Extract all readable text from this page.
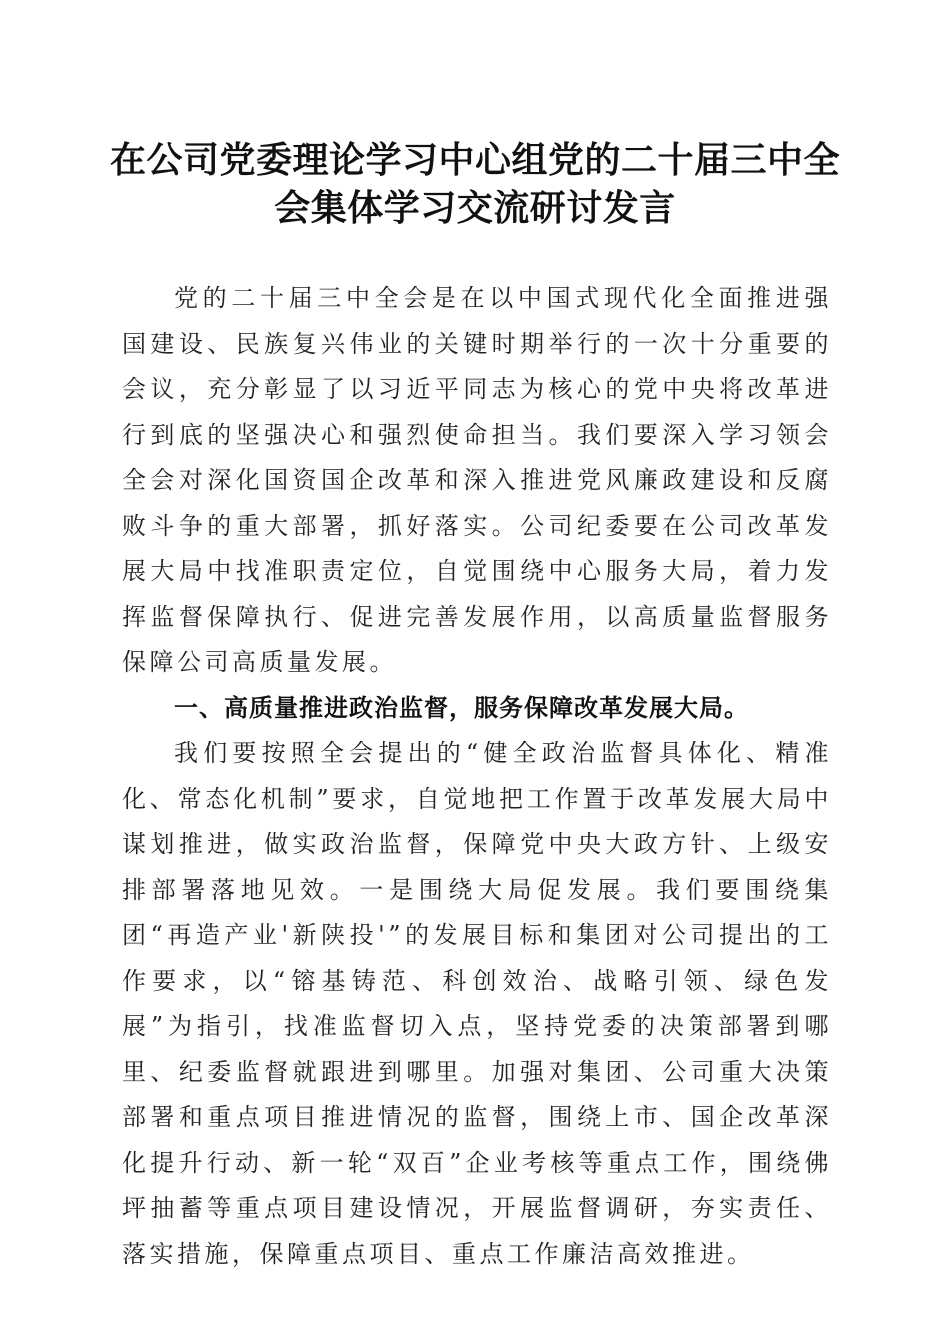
在公司党委理论学习中心组党的二十届三中全会集体学习交流研讨发言

党的二十届三中全会是在以中国式现代化全面推进强国建设、民族复兴伟业的关键时期举行的一次十分重要的会议，充分彰显了以习近平同志为核心的党中央将改革进行到底的坚强决心和强烈使命担当。我们要深入学习领会全会对深化国资国企改革和深入推进党风廉政建设和反腐败斗争的重大部署，抓好落实。公司纪委要在公司改革发展大局中找准职责定位，自觉围绕中心服务大局，着力发挥监督保障执行、促进完善发展作用，以高质量监督服务保障公司高质量发展。

一、高质量推进政治监督，服务保障改革发展大局。

我们要按照全会提出的“健全政治监督具体化、精准化、常态化机制”要求，自觉地把工作置于改革发展大局中谋划推进，做实政治监督，保障党中央大政方针、上级安排部署落地见效。一是围绕大局促发展。我们要围绕集团“再造产业'新陕投'”的发展目标和集团对公司提出的工作要求，以“镕基铸范、科创效治、战略引领、绿色发展”为指引，找准监督切入点，坚持党委的决策部署到哪里、纪委监督就跟进到哪里。加强对集团、公司重大决策部署和重点项目推进情况的监督，围绕上市、国企改革深化提升行动、新一轮“双百”企业考核等重点工作，围绕佛坪抽蓄等重点项目建设情况，开展监督调研，夯实责任、落实措施，保障重点项目、重点工作廉洁高效推进。
